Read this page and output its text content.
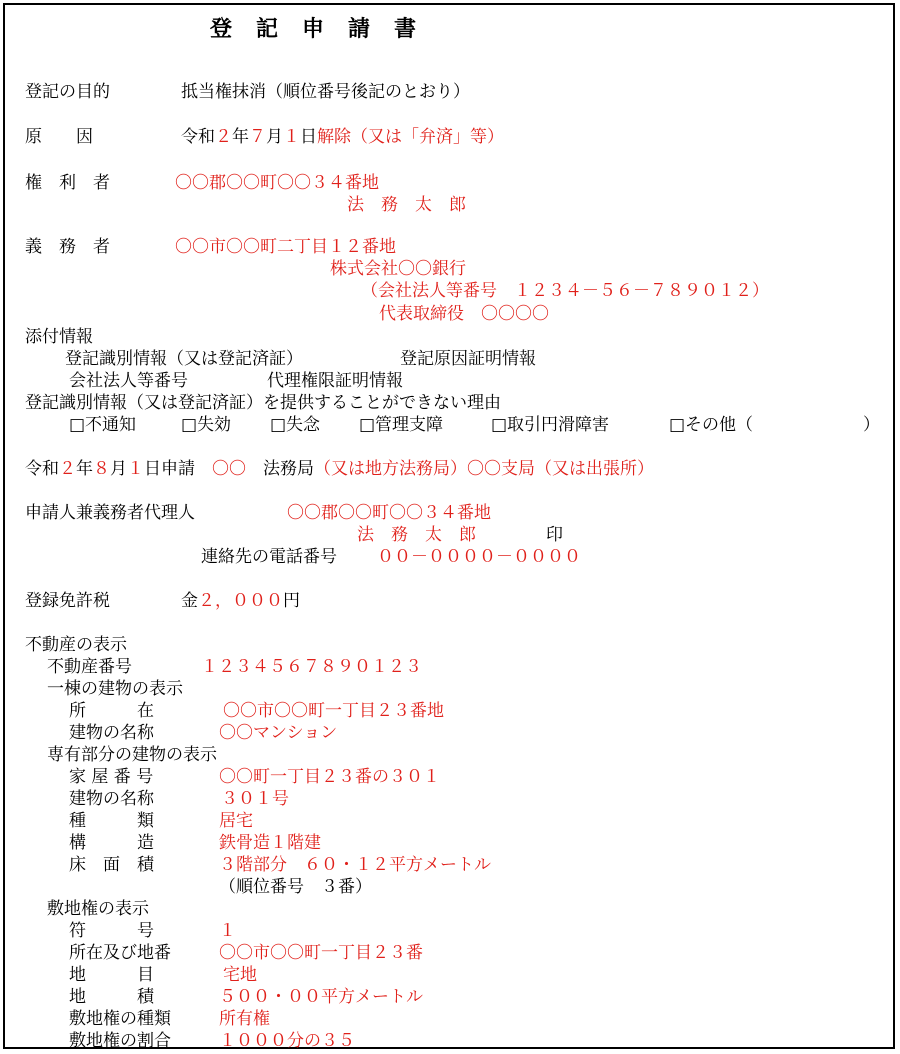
登　記　申　請　書
登記の目的	抵当権抹消（順位番号後記のとおり）
原　　因	令和２年７月１日解除（又は「弁済」等）
権　利　者	〇〇郡〇〇町〇〇３４番地
法　務　太　郎
義　務　者	〇〇市〇〇町二丁目１２番地
株式会社〇〇銀行
（会社法人等番号　１２３４－５６－７８９０１２）
代表取締役　〇〇〇〇
添付情報
登記識別情報（又は登記済証）	登記原因証明情報
会社法人等番号	代理権限証明情報
登記識別情報（又は登記済証）を提供することができない理由
□不通知	□失効 □失念 □管理支障	□取引円滑障害	□その他（	）
令和２年８月１日申請　 〇〇　 法務局（又は地方法務局）〇〇支局（又は出張所）
申請人兼義務者代理人	〇〇郡〇〇町〇〇３４番地
法　務　太　郎	印
連絡先の電話番号 ００－００００－００００
登録免許税	金２，０００円
不動産の表示
不動産番号	１２３４５６７８９０１２３
一棟の建物の表示
所　　　在	〇〇市〇〇町一丁目２３番地
建物の名称	〇〇マンション
専有部分の建物の表示
家 屋 番 号	〇〇町一丁目２３番の３０１
建物の名称	３０１号
種　　　類	居宅
構　　　造	鉄骨造１階建
床　面　積	３階部分　６０・１２平方メートル
（順位番号　３番）
敷地権の表示
符　　　号	１
所在及び地番	〇〇市〇〇町一丁目２３番
地　　　目	宅地
地　　　積	５００・００平方メートル
敷地権の種類	所有権
敷地権の割合	１０００分の３５
